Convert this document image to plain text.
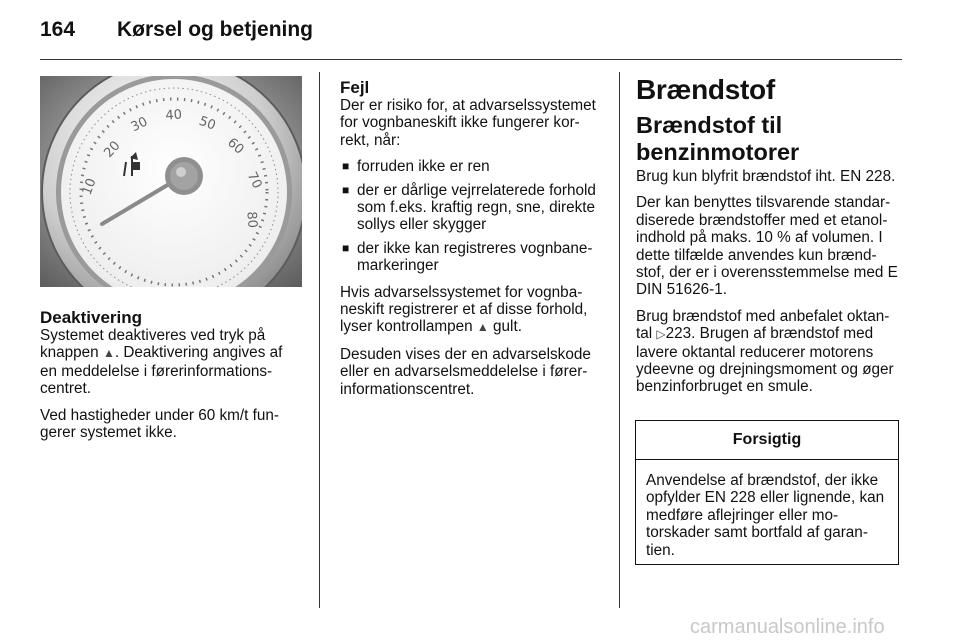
164 Kørsel og betjening
10
20
30 40 50
60
70
80
Deaktivering

Systemet deaktiveres ved tryk på knappen ▲. Deaktivering angives af en meddelelse i førerinformations-centret.

Ved hastigheder under 60 km/t fun-gerer systemet ikke.

Fejl

Der er risiko for, at advarselssystemet for vognbaneskift ikke fungerer kor-rekt, når:

■ forruden ikke er ren
■ der er dårlige vejrrelaterede forhold som f.eks. kraftig regn, sne, direkte sollys eller skygger
■ der ikke kan registreres vognbane-markeringer

Hvis advarselssystemet for vognba-neskift registrerer et af disse forhold, lyser kontrollampen ▲ gult.

Desuden vises der en advarselskode eller en advarselsmeddelelse i fører-informationscentret.

Brændstof
Brændstof til benzinmotorer

Brug kun blyfrit brændstof iht. EN 228.

Der kan benyttes tilsvarende standar-diserede brændstoffer med et etanol-indhold på maks. 10 % af volumen. I dette tilfælde anvendes kun brænd-stof, der er i overensstemmelse med E DIN 51626-1.

Brug brændstof med anbefalet oktan-tal ▷223. Brugen af brændstof med lavere oktantal reducerer motorens ydeevne og drejningsmoment og øger benzinforbruget en smule.

Forsigtig
Anvendelse af brændstof, der ikke opfylder EN 228 eller lignende, kan medføre aflejringer eller mo-torskader samt bortfald af garan-tien.
carmanualsonline.info
